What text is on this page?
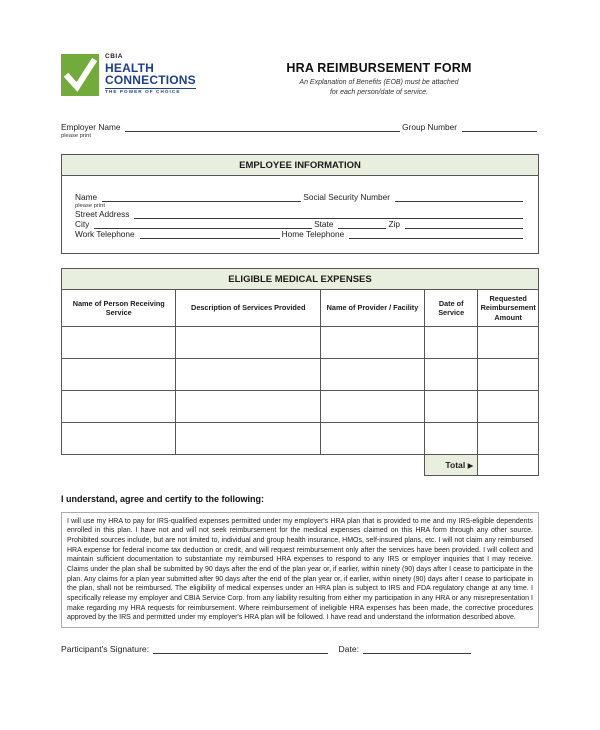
CBIA
HEALTH
CONNECTIONS
THE POWER OF CHOICE
HRA REIMBURSEMENT FORM
An Explanation of Benefits (EOB) must be attached
for each person/date of service.
Employer Name	Group Number
please print
EMPLOYEE INFORMATION
Name	Social Security Number
please print
Street Address
City	State	Zip
Work Telephone	Home Telephone
ELIGIBLE MEDICAL EXPENSES
Name of Person Receiving Service	Description of Services Provided	Name of Provider / Facility	Date of Service	Requested Reimbursement Amount

			Total ▶	
I understand, agree and certify to the following:
I will use my HRA to pay for IRS-qualified expenses permitted under my employer's HRA plan that is provided to me and my IRS-eligible dependents enrolled in this plan. I have not and will not seek reimbursement for the medical expenses claimed on this HRA form through any other source. Prohibited sources include, but are not limited to, individual and group health insurance, HMOs, self-insured plans, etc. I will not claim any reimbursed HRA expense for federal income tax deduction or credit, and will request reimbursement only after the services have been provided. I will collect and maintain sufficient documentation to substantiate my reimbursed HRA expenses to respond to any IRS or employer inquiries that I may receive. Claims under the plan shall be submitted by 90 days after the end of the plan year or, if earlier, within ninety (90) days after I cease to participate in the plan. Any claims for a plan year submitted after 90 days after the end of the plan year or, if earlier, within ninety (90) days after I cease to participate in the plan, shall not be reimbursed. The eligibility of medical expenses under an HRA plan is subject to IRS and FDA regulatory change at any time. I specifically release my employer and CBIA Service Corp. from any liability resulting from either my participation in any HRA or any misrepresentation I make regarding my HRA requests for reimbursement. Where reimbursement of ineligible HRA expenses has been made, the corrective procedures approved by the IRS and permitted under my employer's HRA plan will be followed. I have read and understand the information described above.
Participant's Signature:	Date:
